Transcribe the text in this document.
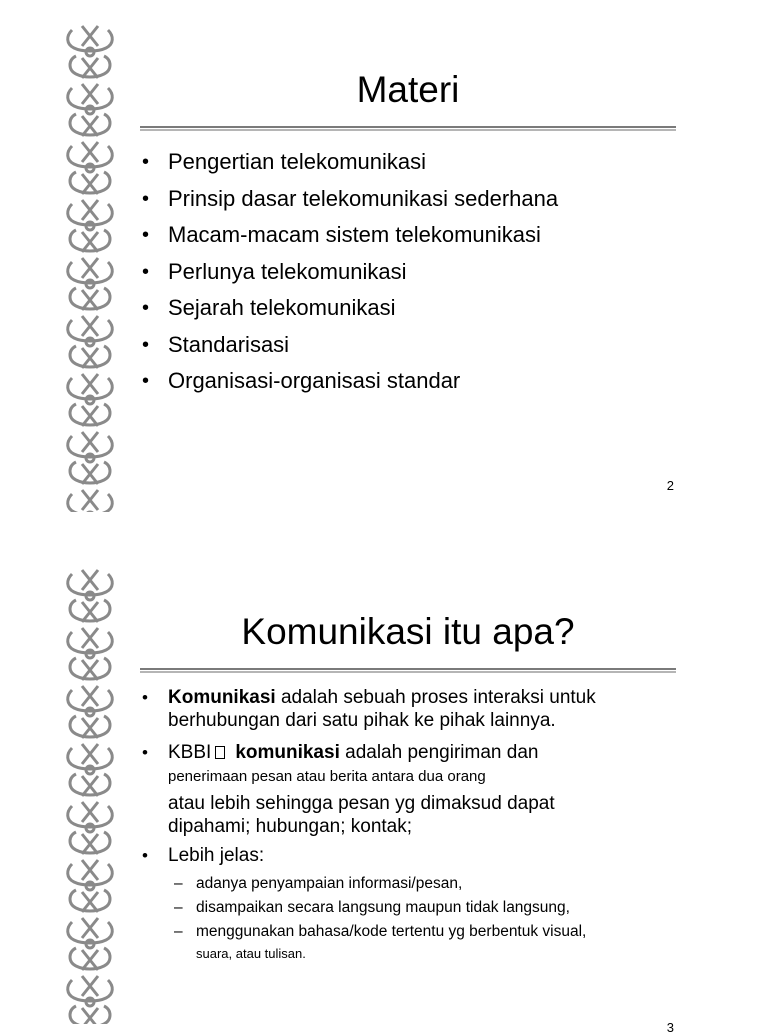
Materi
• Pengertian telekomunikasi
• Prinsip dasar telekomunikasi sederhana
• Macam-macam sistem telekomunikasi
• Perlunya telekomunikasi
• Sejarah telekomunikasi
• Standarisasi
• Organisasi-organisasi standar
2
Komunikasi itu apa?
• Komunikasi adalah sebuah proses interaksi untuk
berhubungan dari satu pihak ke pihak lainnya.
• KBBI komunikasi adalah pengiriman dan
penerimaan pesan atau berita antara dua orang
atau lebih sehingga pesan yg dimaksud dapat
dipahami; hubungan; kontak;
• Lebih jelas:
– adanya penyampaian informasi/pesan,
– disampaikan secara langsung maupun tidak langsung,
– menggunakan bahasa/kode tertentu yg berbentuk visual,
suara, atau tulisan.
3
